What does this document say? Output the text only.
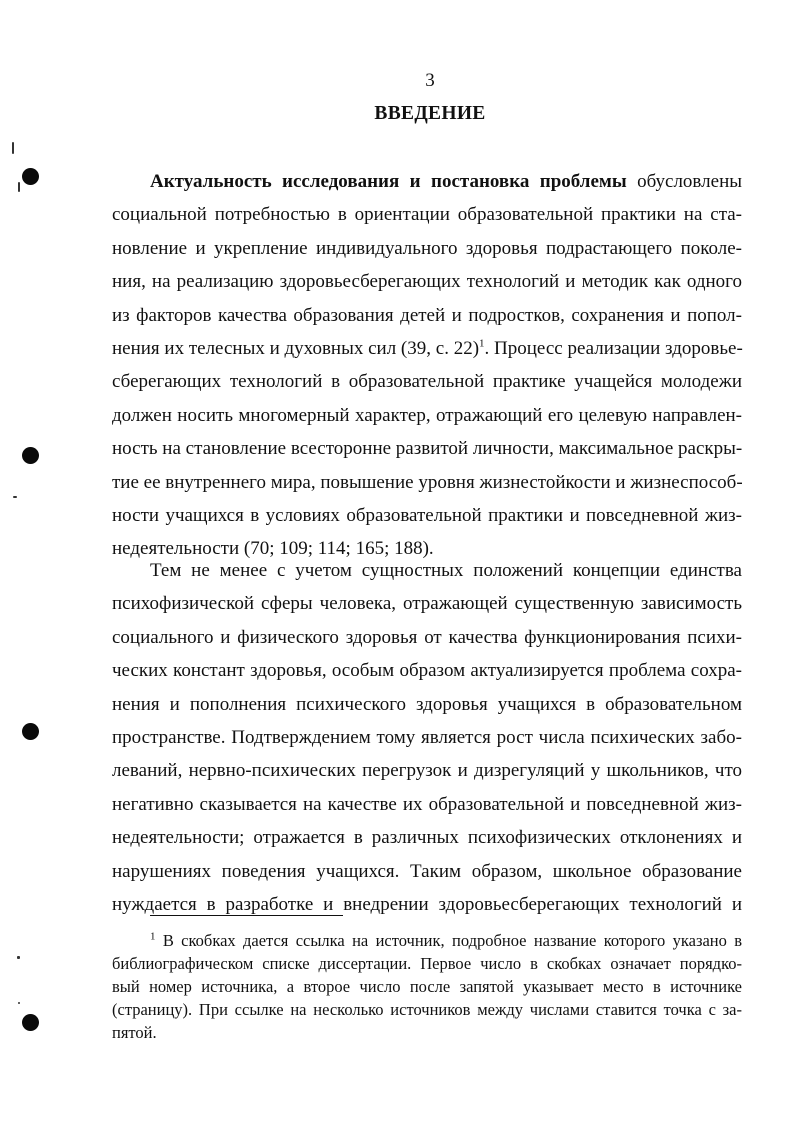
3
ВВЕДЕНИЕ
Актуальность исследования и постановка проблемы обусловлены
социальной потребностью в ориентации образовательной практики на ста-
новление и укрепление индивидуального здоровья подрастающего поколе-
ния, на реализацию здоровьесберегающих технологий и методик как одного
из факторов качества образования детей и подростков, сохранения и попол-
нения их телесных и духовных сил (39, с. 22)$^1$. Процесс реализации здоровье-
сберегающих технологий в образовательной практике учащейся молодежи
должен носить многомерный характер, отражающий его целевую направлен-
ность на становление всесторонне развитой личности, максимальное раскры-
тие ее внутреннего мира, повышение уровня жизнестойкости и жизнеспособ-
ности учащихся в условиях образовательной практики и повседневной жиз-
недеятельности (70; 109; 114; 165; 188).
Тем не менее с учетом сущностных положений концепции единства
психофизической сферы человека, отражающей существенную зависимость
социального и физического здоровья от качества функционирования психи-
ческих констант здоровья, особым образом актуализируется проблема сохра-
нения и пополнения психического здоровья учащихся в образовательном
пространстве. Подтверждением тому является рост числа психических забо-
леваний, нервно-психических перегрузок и дизрегуляций у школьников, что
негативно сказывается на качестве их образовательной и повседневной жиз-
недеятельности; отражается в различных психофизических отклонениях и
нарушениях поведения учащихся. Таким образом, школьное образование
нуждается в разработке и внедрении здоровьесберегающих технологий и
$^1$ В скобках дается ссылка на источник, подробное название которого указано в
библиографическом списке диссертации. Первое число в скобках означает порядко-
вый номер источника, а второе число после запятой указывает место в источнике
(страницу). При ссылке на несколько источников между числами ставится точка с за-
пятой.
